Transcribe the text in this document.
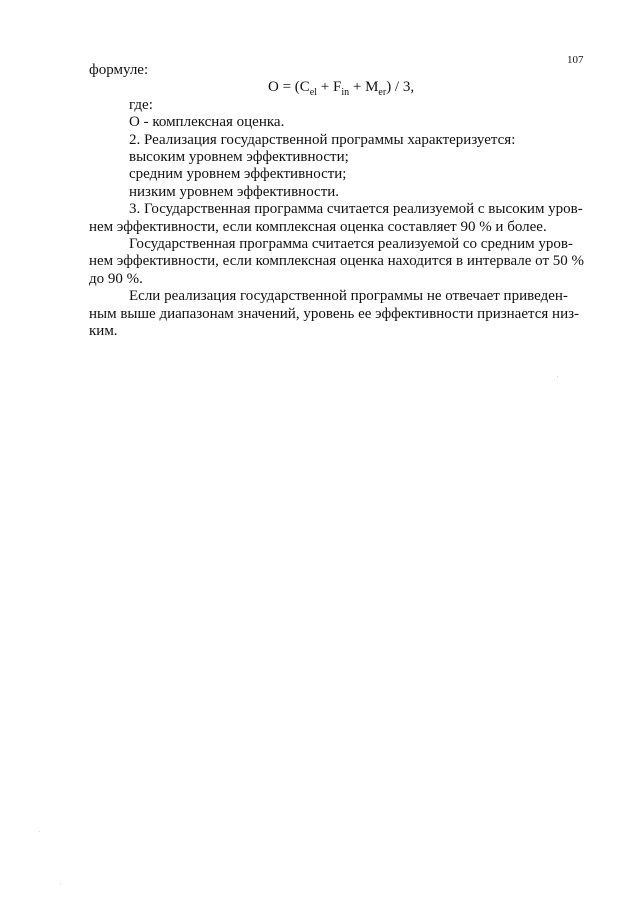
107
формуле:
$O = (C_{el} + F_{in} + M_{er}) / 3$,
где:
O - комплексная оценка.
2. Реализация государственной программы характеризуется:
высоким уровнем эффективности;
средним уровнем эффективности;
низким уровнем эффективности.
3. Государственная программа считается реализуемой с высоким уров-
нем эффективности, если комплексная оценка составляет 90 % и более.
Государственная программа считается реализуемой со средним уров-
нем эффективности, если комплексная оценка находится в интервале от 50 %
до 90 %.
Если реализация государственной программы не отвечает приведен-
ным выше диапазонам значений, уровень ее эффективности признается низ-
ким.
